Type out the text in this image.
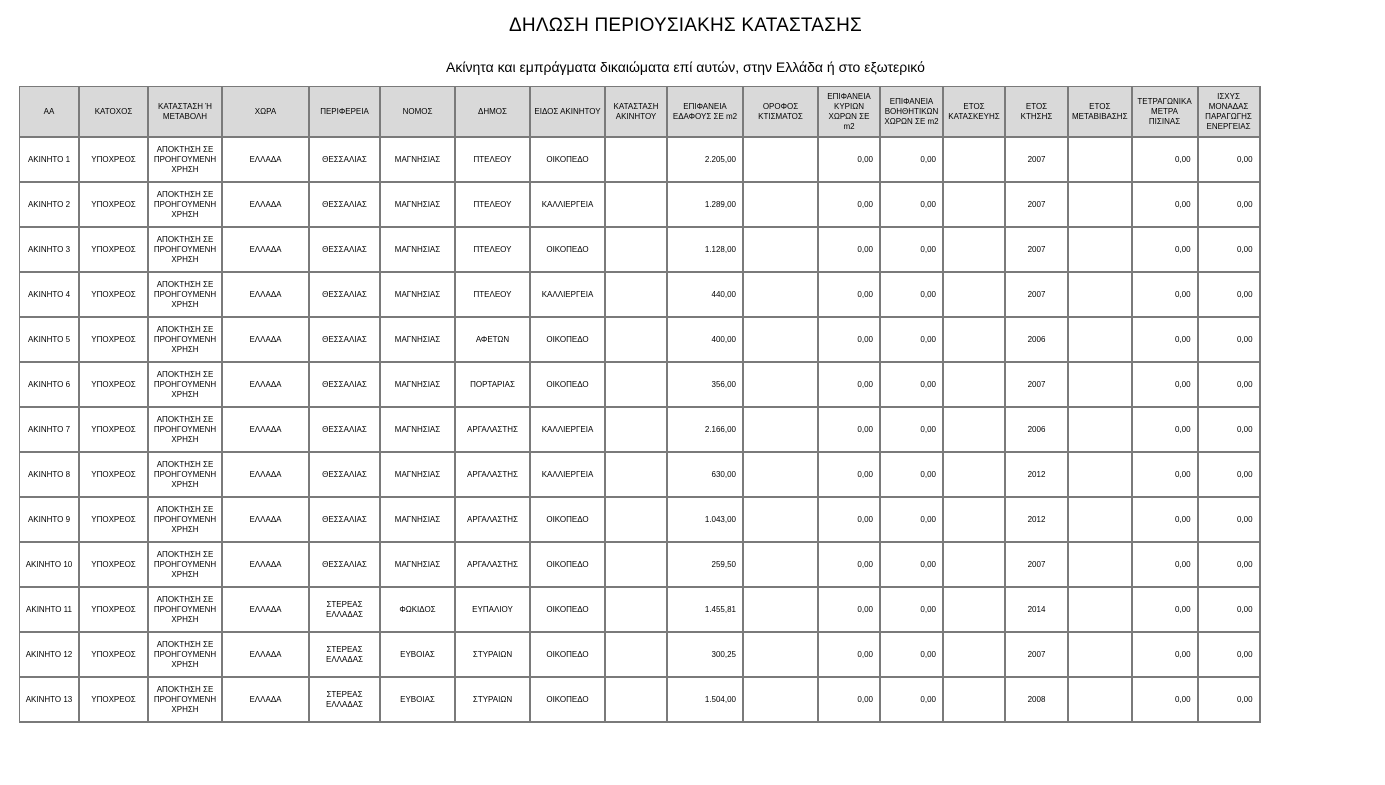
ΔΗΛΩΣΗ ΠΕΡΙΟΥΣΙΑΚΗΣ ΚΑΤΑΣΤΑΣΗΣ

Ακίνητα και εμπράγματα δικαιώματα επί αυτών, στην Ελλάδα ή στο εξωτερικό

ΑΑ	ΚΑΤΟΧΟΣ	ΚΑΤΑΣΤΑΣΗ Ή ΜΕΤΑΒΟΛΗ	ΧΩΡΑ	ΠΕΡΙΦΕΡΕΙΑ	ΝΟΜΟΣ	ΔΗΜΟΣ	ΕΙΔΟΣ ΑΚΙΝΗΤΟΥ	ΚΑΤΑΣΤΑΣΗ ΑΚΙΝΗΤΟΥ	ΕΠΙΦΑΝΕΙΑ ΕΔΑΦΟΥΣ ΣΕ m2	ΟΡΟΦΟΣ ΚΤΙΣΜΑΤΟΣ	ΕΠΙΦΑΝΕΙΑ ΚΥΡΙΩΝ ΧΩΡΩΝ ΣΕ m2	ΕΠΙΦΑΝΕΙΑ ΒΟΗΘΗΤΙΚΩΝ ΧΩΡΩΝ ΣΕ m2	ΕΤΟΣ ΚΑΤΑΣΚΕΥΗΣ	ΕΤΟΣ ΚΤΗΣΗΣ	ΕΤΟΣ ΜΕΤΑΒΙΒΑΣΗΣ	ΤΕΤΡΑΓΩΝΙΚΑ ΜΕΤΡΑ ΠΙΣΙΝΑΣ	ΙΣΧΥΣ ΜΟΝΑΔΑΣ ΠΑΡΑΓΩΓΗΣ ΕΝΕΡΓΕΙΑΣ
ΑΚΙΝΗΤΟ 1	ΥΠΟΧΡΕΟΣ	ΑΠΟΚΤΗΣΗ ΣΕ ΠΡΟΗΓΟΥΜΕΝΗ ΧΡΗΣΗ	ΕΛΛΑΔΑ	ΘΕΣΣΑΛΙΑΣ	ΜΑΓΝΗΣΙΑΣ	ΠΤΕΛΕΟΥ	ΟΙΚΟΠΕΔΟ		2.205,00		0,00	0,00		2007		0,00	0,00
ΑΚΙΝΗΤΟ 2	ΥΠΟΧΡΕΟΣ	ΑΠΟΚΤΗΣΗ ΣΕ ΠΡΟΗΓΟΥΜΕΝΗ ΧΡΗΣΗ	ΕΛΛΑΔΑ	ΘΕΣΣΑΛΙΑΣ	ΜΑΓΝΗΣΙΑΣ	ΠΤΕΛΕΟΥ	ΚΑΛΛΙΕΡΓΕΙΑ		1.289,00		0,00	0,00		2007		0,00	0,00
ΑΚΙΝΗΤΟ 3	ΥΠΟΧΡΕΟΣ	ΑΠΟΚΤΗΣΗ ΣΕ ΠΡΟΗΓΟΥΜΕΝΗ ΧΡΗΣΗ	ΕΛΛΑΔΑ	ΘΕΣΣΑΛΙΑΣ	ΜΑΓΝΗΣΙΑΣ	ΠΤΕΛΕΟΥ	ΟΙΚΟΠΕΔΟ		1.128,00		0,00	0,00		2007		0,00	0,00
ΑΚΙΝΗΤΟ 4	ΥΠΟΧΡΕΟΣ	ΑΠΟΚΤΗΣΗ ΣΕ ΠΡΟΗΓΟΥΜΕΝΗ ΧΡΗΣΗ	ΕΛΛΑΔΑ	ΘΕΣΣΑΛΙΑΣ	ΜΑΓΝΗΣΙΑΣ	ΠΤΕΛΕΟΥ	ΚΑΛΛΙΕΡΓΕΙΑ		440,00		0,00	0,00		2007		0,00	0,00
ΑΚΙΝΗΤΟ 5	ΥΠΟΧΡΕΟΣ	ΑΠΟΚΤΗΣΗ ΣΕ ΠΡΟΗΓΟΥΜΕΝΗ ΧΡΗΣΗ	ΕΛΛΑΔΑ	ΘΕΣΣΑΛΙΑΣ	ΜΑΓΝΗΣΙΑΣ	ΑΦΕΤΩΝ	ΟΙΚΟΠΕΔΟ		400,00		0,00	0,00		2006		0,00	0,00
ΑΚΙΝΗΤΟ 6	ΥΠΟΧΡΕΟΣ	ΑΠΟΚΤΗΣΗ ΣΕ ΠΡΟΗΓΟΥΜΕΝΗ ΧΡΗΣΗ	ΕΛΛΑΔΑ	ΘΕΣΣΑΛΙΑΣ	ΜΑΓΝΗΣΙΑΣ	ΠΟΡΤΑΡΙΑΣ	ΟΙΚΟΠΕΔΟ		356,00		0,00	0,00		2007		0,00	0,00
ΑΚΙΝΗΤΟ 7	ΥΠΟΧΡΕΟΣ	ΑΠΟΚΤΗΣΗ ΣΕ ΠΡΟΗΓΟΥΜΕΝΗ ΧΡΗΣΗ	ΕΛΛΑΔΑ	ΘΕΣΣΑΛΙΑΣ	ΜΑΓΝΗΣΙΑΣ	ΑΡΓΑΛΑΣΤΗΣ	ΚΑΛΛΙΕΡΓΕΙΑ		2.166,00		0,00	0,00		2006		0,00	0,00
ΑΚΙΝΗΤΟ 8	ΥΠΟΧΡΕΟΣ	ΑΠΟΚΤΗΣΗ ΣΕ ΠΡΟΗΓΟΥΜΕΝΗ ΧΡΗΣΗ	ΕΛΛΑΔΑ	ΘΕΣΣΑΛΙΑΣ	ΜΑΓΝΗΣΙΑΣ	ΑΡΓΑΛΑΣΤΗΣ	ΚΑΛΛΙΕΡΓΕΙΑ		630,00		0,00	0,00		2012		0,00	0,00
ΑΚΙΝΗΤΟ 9	ΥΠΟΧΡΕΟΣ	ΑΠΟΚΤΗΣΗ ΣΕ ΠΡΟΗΓΟΥΜΕΝΗ ΧΡΗΣΗ	ΕΛΛΑΔΑ	ΘΕΣΣΑΛΙΑΣ	ΜΑΓΝΗΣΙΑΣ	ΑΡΓΑΛΑΣΤΗΣ	ΟΙΚΟΠΕΔΟ		1.043,00		0,00	0,00		2012		0,00	0,00
ΑΚΙΝΗΤΟ 10	ΥΠΟΧΡΕΟΣ	ΑΠΟΚΤΗΣΗ ΣΕ ΠΡΟΗΓΟΥΜΕΝΗ ΧΡΗΣΗ	ΕΛΛΑΔΑ	ΘΕΣΣΑΛΙΑΣ	ΜΑΓΝΗΣΙΑΣ	ΑΡΓΑΛΑΣΤΗΣ	ΟΙΚΟΠΕΔΟ		259,50		0,00	0,00		2007		0,00	0,00
ΑΚΙΝΗΤΟ 11	ΥΠΟΧΡΕΟΣ	ΑΠΟΚΤΗΣΗ ΣΕ ΠΡΟΗΓΟΥΜΕΝΗ ΧΡΗΣΗ	ΕΛΛΑΔΑ	ΣΤΕΡΕΑΣ ΕΛΛΑΔΑΣ	ΦΩΚΙΔΟΣ	ΕΥΠΑΛΙΟΥ	ΟΙΚΟΠΕΔΟ		1.455,81		0,00	0,00		2014		0,00	0,00
ΑΚΙΝΗΤΟ 12	ΥΠΟΧΡΕΟΣ	ΑΠΟΚΤΗΣΗ ΣΕ ΠΡΟΗΓΟΥΜΕΝΗ ΧΡΗΣΗ	ΕΛΛΑΔΑ	ΣΤΕΡΕΑΣ ΕΛΛΑΔΑΣ	ΕΥΒΟΙΑΣ	ΣΤΥΡΑΙΩΝ	ΟΙΚΟΠΕΔΟ		300,25		0,00	0,00		2007		0,00	0,00
ΑΚΙΝΗΤΟ 13	ΥΠΟΧΡΕΟΣ	ΑΠΟΚΤΗΣΗ ΣΕ ΠΡΟΗΓΟΥΜΕΝΗ ΧΡΗΣΗ	ΕΛΛΑΔΑ	ΣΤΕΡΕΑΣ ΕΛΛΑΔΑΣ	ΕΥΒΟΙΑΣ	ΣΤΥΡΑΙΩΝ	ΟΙΚΟΠΕΔΟ		1.504,00		0,00	0,00		2008		0,00	0,00
